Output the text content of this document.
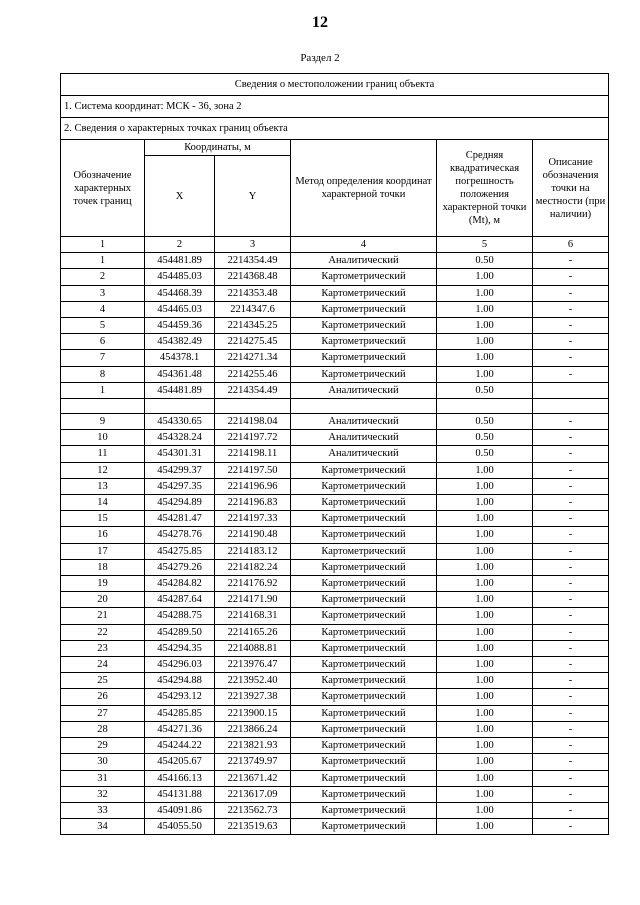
12
Раздел 2
Сведения о местоположении границ объекта					
1. Система координат: МСК - 36, зона 2					
2. Сведения о характерных точках границ объекта					
Обозначение характерных точек границ	Координаты, м		Метод определения координат характерной точки	Средняя квадратическая погрешность положения характерной точки (Mt), м	Описание обозначения точки на местности (при наличии)
	X	Y			
1	2	3	4	5	6
1	454481.89	2214354.49	Аналитический	0.50	-
2	454485.03	2214368.48	Картометрический	1.00	-
3	454468.39	2214353.48	Картометрический	1.00	-
4	454465.03	2214347.6	Картометрический	1.00	-
5	454459.36	2214345.25	Картометрический	1.00	-
6	454382.49	2214275.45	Картометрический	1.00	-
7	454378.1	2214271.34	Картометрический	1.00	-
8	454361.48	2214255.46	Картометрический	1.00	-
1	454481.89	2214354.49	Аналитический	0.50	

9	454330.65	2214198.04	Аналитический	0.50	-
10	454328.24	2214197.72	Аналитический	0.50	-
11	454301.31	2214198.11	Аналитический	0.50	-
12	454299.37	2214197.50	Картометрический	1.00	-
13	454297.35	2214196.96	Картометрический	1.00	-
14	454294.89	2214196.83	Картометрический	1.00	-
15	454281.47	2214197.33	Картометрический	1.00	-
16	454278.76	2214190.48	Картометрический	1.00	-
17	454275.85	2214183.12	Картометрический	1.00	-
18	454279.26	2214182.24	Картометрический	1.00	-
19	454284.82	2214176.92	Картометрический	1.00	-
20	454287.64	2214171.90	Картометрический	1.00	-
21	454288.75	2214168.31	Картометрический	1.00	-
22	454289.50	2214165.26	Картометрический	1.00	-
23	454294.35	2214088.81	Картометрический	1.00	-
24	454296.03	2213976.47	Картометрический	1.00	-
25	454294.88	2213952.40	Картометрический	1.00	-
26	454293.12	2213927.38	Картометрический	1.00	-
27	454285.85	2213900.15	Картометрический	1.00	-
28	454271.36	2213866.24	Картометрический	1.00	-
29	454244.22	2213821.93	Картометрический	1.00	-
30	454205.67	2213749.97	Картометрический	1.00	-
31	454166.13	2213671.42	Картометрический	1.00	-
32	454131.88	2213617.09	Картометрический	1.00	-
33	454091.86	2213562.73	Картометрический	1.00	-
34	454055.50	2213519.63	Картометрический	1.00	-
